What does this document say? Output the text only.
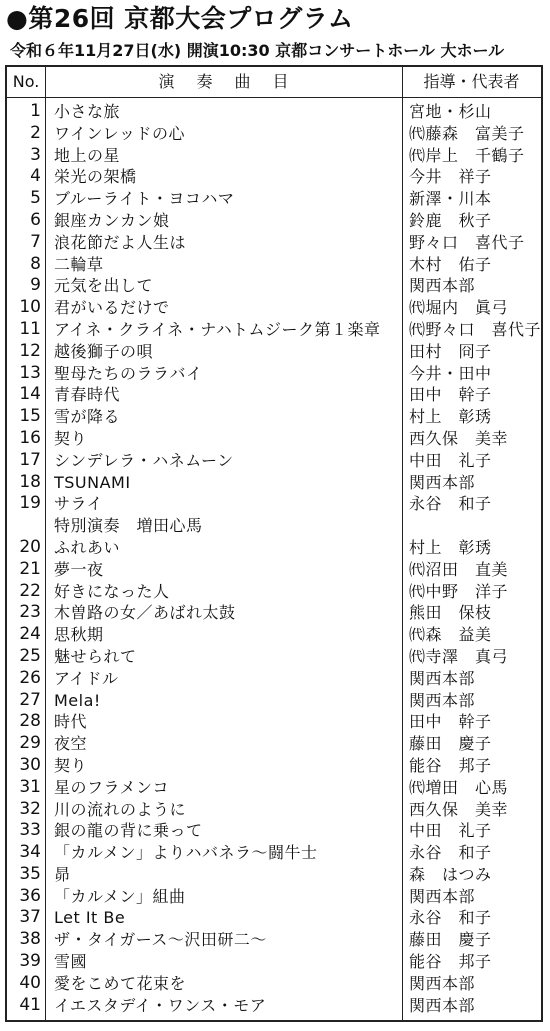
●第26回 京都大会プログラム
令和６年11月27日(水) 開演10:30 京都コンサートホール 大ホール
No.	演奏曲目	指導・代表者
1 小さな旅	宮地・杉山
2 ワインレッドの心	㈹藤森　富美子
3 地上の星	㈹岸上　千鶴子
4 栄光の架橋	今井　祥子
5 ブルーライト・ヨコハマ	新澤・川本
6 銀座カンカン娘	鈴鹿　秋子
7 浪花節だよ人生は	野々口　喜代子
8 二輪草	木村　佑子
9 元気を出して	関西本部
10 君がいるだけで	㈹堀内　眞弓
11 アイネ・クライネ・ナハトムジーク第１楽章	㈹野々口　喜代子
12 越後獅子の唄	田村　冏子
13 聖母たちのララバイ	今井・田中
14 青春時代	田中　幹子
15 雪が降る	村上　彰琇
16 契り	西久保　美幸
17 シンデレラ・ハネムーン	中田　礼子
18 TSUNAMI	関西本部
19 サライ	永谷　和子
特別演奏　増田心馬
20 ふれあい	村上　彰琇
21 夢一夜	㈹沼田　直美
22 好きになった人	㈹中野　洋子
23 木曽路の女／あばれ太鼓	熊田　保枝
24 思秋期	㈹森　益美
25 魅せられて	㈹寺澤　真弓
26 アイドル	関西本部
27 Mela!	関西本部
28 時代	田中　幹子
29 夜空	藤田　慶子
30 契り	能谷　邦子
31 星のフラメンコ	㈹増田　心馬
32 川の流れのように	西久保　美幸
33 銀の龍の背に乗って	中田　礼子
34 「カルメン」よりハバネラ〜闘牛士	永谷　和子
35 昴	森　はつみ
36 「カルメン」組曲	関西本部
37 Let It Be	永谷　和子
38 ザ・タイガース〜沢田研二〜	藤田　慶子
39 雪國	能谷　邦子
40 愛をこめて花束を	関西本部
41 イエスタデイ・ワンス・モア	関西本部
